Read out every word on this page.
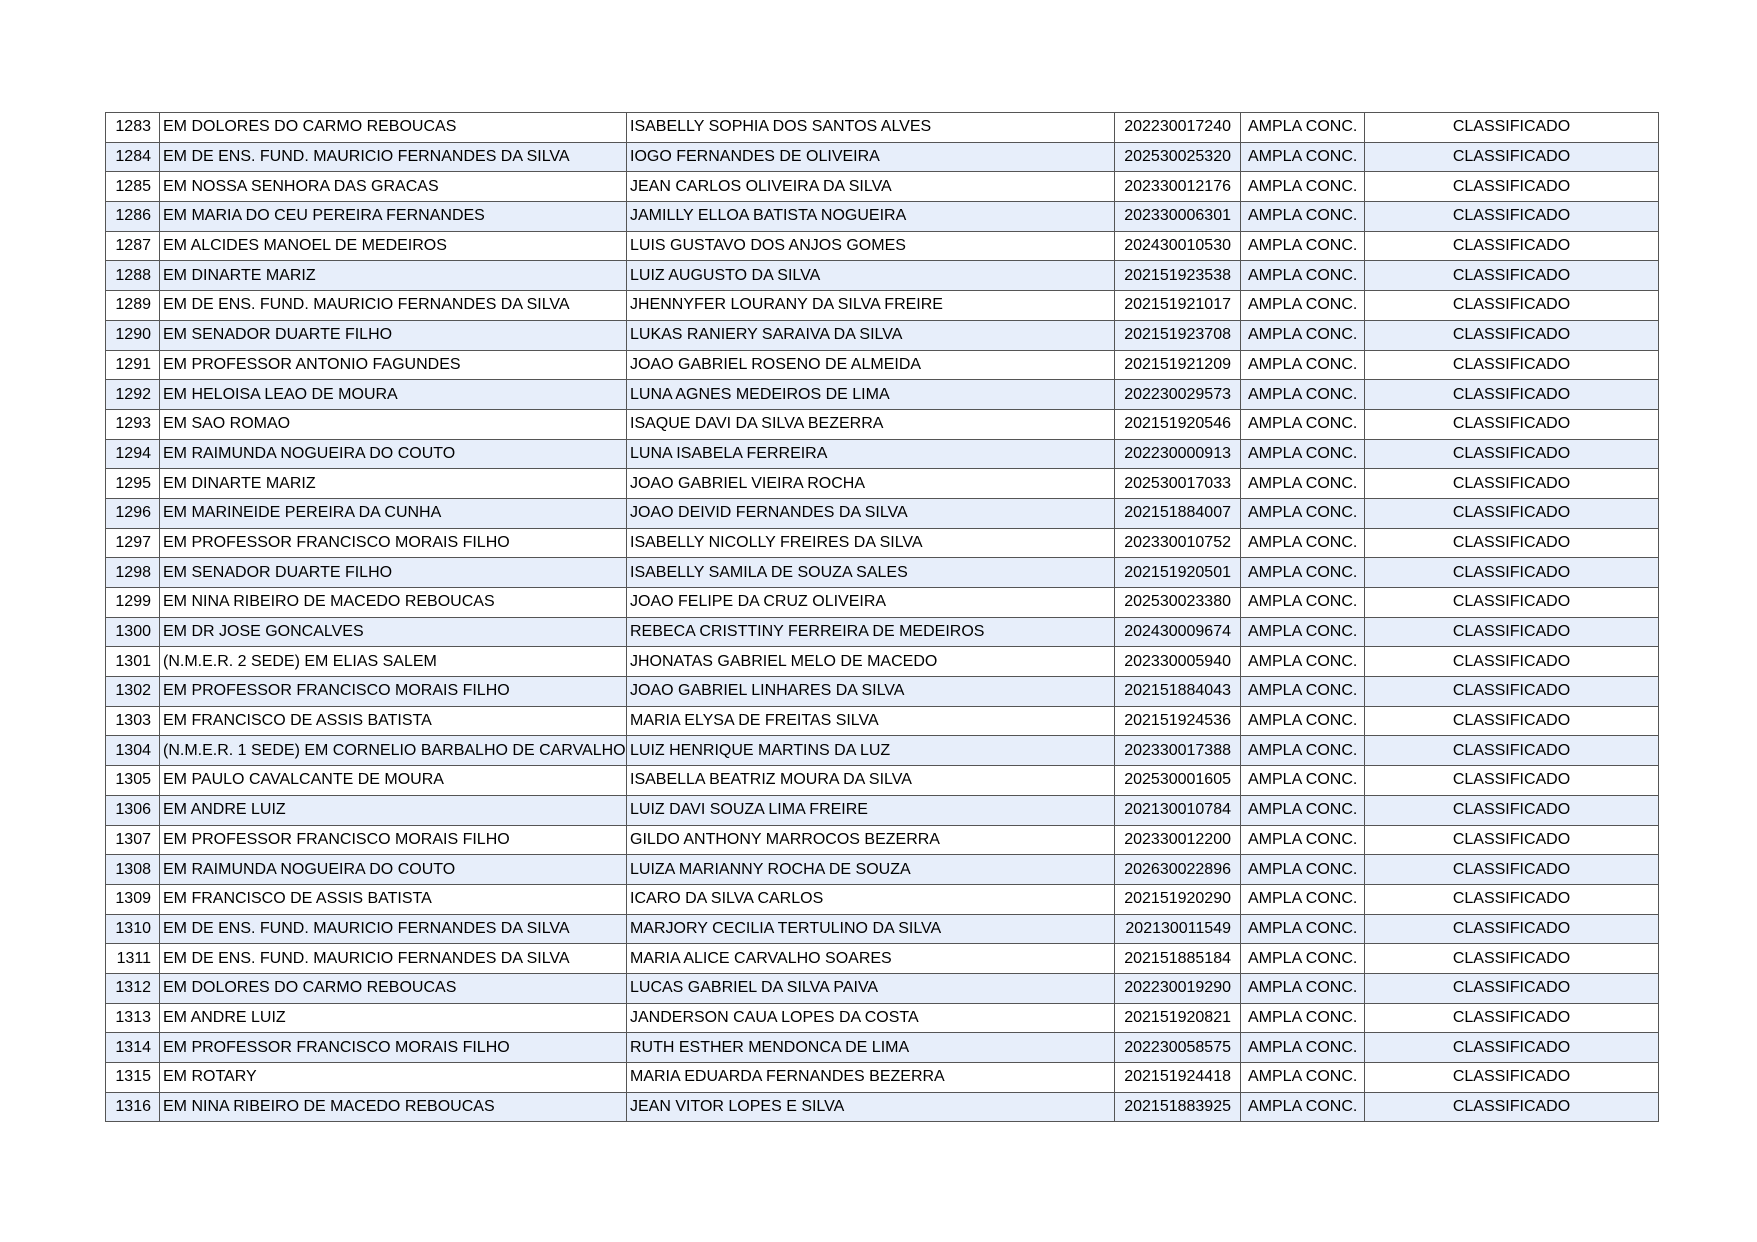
1283	EM DOLORES DO CARMO REBOUCAS	ISABELLY SOPHIA DOS SANTOS ALVES	202230017240	AMPLA CONC.	CLASSIFICADO
1284	EM DE ENS. FUND. MAURICIO FERNANDES DA SILVA	IOGO FERNANDES DE OLIVEIRA	202530025320	AMPLA CONC.	CLASSIFICADO
1285	EM NOSSA SENHORA DAS GRACAS	JEAN CARLOS OLIVEIRA DA SILVA	202330012176	AMPLA CONC.	CLASSIFICADO
1286	EM MARIA DO CEU PEREIRA FERNANDES	JAMILLY ELLOA BATISTA NOGUEIRA	202330006301	AMPLA CONC.	CLASSIFICADO
1287	EM ALCIDES MANOEL DE MEDEIROS	LUIS GUSTAVO DOS ANJOS GOMES	202430010530	AMPLA CONC.	CLASSIFICADO
1288	EM DINARTE MARIZ	LUIZ AUGUSTO DA SILVA	202151923538	AMPLA CONC.	CLASSIFICADO
1289	EM DE ENS. FUND. MAURICIO FERNANDES DA SILVA	JHENNYFER LOURANY DA SILVA FREIRE	202151921017	AMPLA CONC.	CLASSIFICADO
1290	EM SENADOR DUARTE FILHO	LUKAS RANIERY SARAIVA DA SILVA	202151923708	AMPLA CONC.	CLASSIFICADO
1291	EM PROFESSOR ANTONIO FAGUNDES	JOAO GABRIEL ROSENO DE ALMEIDA	202151921209	AMPLA CONC.	CLASSIFICADO
1292	EM HELOISA LEAO DE MOURA	LUNA AGNES MEDEIROS DE LIMA	202230029573	AMPLA CONC.	CLASSIFICADO
1293	EM SAO ROMAO	ISAQUE DAVI DA SILVA BEZERRA	202151920546	AMPLA CONC.	CLASSIFICADO
1294	EM RAIMUNDA NOGUEIRA DO COUTO	LUNA ISABELA FERREIRA	202230000913	AMPLA CONC.	CLASSIFICADO
1295	EM DINARTE MARIZ	JOAO GABRIEL VIEIRA ROCHA	202530017033	AMPLA CONC.	CLASSIFICADO
1296	EM MARINEIDE PEREIRA DA CUNHA	JOAO DEIVID FERNANDES DA SILVA	202151884007	AMPLA CONC.	CLASSIFICADO
1297	EM PROFESSOR FRANCISCO MORAIS FILHO	ISABELLY NICOLLY FREIRES DA SILVA	202330010752	AMPLA CONC.	CLASSIFICADO
1298	EM SENADOR DUARTE FILHO	ISABELLY SAMILA DE SOUZA SALES	202151920501	AMPLA CONC.	CLASSIFICADO
1299	EM NINA RIBEIRO DE MACEDO REBOUCAS	JOAO FELIPE DA CRUZ OLIVEIRA	202530023380	AMPLA CONC.	CLASSIFICADO
1300	EM DR JOSE GONCALVES	REBECA CRISTTINY FERREIRA DE MEDEIROS	202430009674	AMPLA CONC.	CLASSIFICADO
1301	(N.M.E.R. 2 SEDE) EM ELIAS SALEM	JHONATAS GABRIEL MELO DE MACEDO	202330005940	AMPLA CONC.	CLASSIFICADO
1302	EM PROFESSOR FRANCISCO MORAIS FILHO	JOAO GABRIEL LINHARES DA SILVA	202151884043	AMPLA CONC.	CLASSIFICADO
1303	EM FRANCISCO DE ASSIS BATISTA	MARIA ELYSA DE FREITAS SILVA	202151924536	AMPLA CONC.	CLASSIFICADO
1304	(N.M.E.R. 1 SEDE) EM CORNELIO BARBALHO DE CARVALHO	LUIZ HENRIQUE MARTINS DA LUZ	202330017388	AMPLA CONC.	CLASSIFICADO
1305	EM PAULO CAVALCANTE DE MOURA	ISABELLA BEATRIZ MOURA DA SILVA	202530001605	AMPLA CONC.	CLASSIFICADO
1306	EM ANDRE LUIZ	LUIZ DAVI SOUZA LIMA FREIRE	202130010784	AMPLA CONC.	CLASSIFICADO
1307	EM PROFESSOR FRANCISCO MORAIS FILHO	GILDO ANTHONY MARROCOS BEZERRA	202330012200	AMPLA CONC.	CLASSIFICADO
1308	EM RAIMUNDA NOGUEIRA DO COUTO	LUIZA MARIANNY ROCHA DE SOUZA	202630022896	AMPLA CONC.	CLASSIFICADO
1309	EM FRANCISCO DE ASSIS BATISTA	ICARO DA SILVA CARLOS	202151920290	AMPLA CONC.	CLASSIFICADO
1310	EM DE ENS. FUND. MAURICIO FERNANDES DA SILVA	MARJORY CECILIA TERTULINO DA SILVA	202130011549	AMPLA CONC.	CLASSIFICADO
1311	EM DE ENS. FUND. MAURICIO FERNANDES DA SILVA	MARIA ALICE CARVALHO SOARES	202151885184	AMPLA CONC.	CLASSIFICADO
1312	EM DOLORES DO CARMO REBOUCAS	LUCAS GABRIEL DA SILVA PAIVA	202230019290	AMPLA CONC.	CLASSIFICADO
1313	EM ANDRE LUIZ	JANDERSON CAUA LOPES DA COSTA	202151920821	AMPLA CONC.	CLASSIFICADO
1314	EM PROFESSOR FRANCISCO MORAIS FILHO	RUTH ESTHER MENDONCA DE LIMA	202230058575	AMPLA CONC.	CLASSIFICADO
1315	EM ROTARY	MARIA EDUARDA FERNANDES BEZERRA	202151924418	AMPLA CONC.	CLASSIFICADO
1316	EM NINA RIBEIRO DE MACEDO REBOUCAS	JEAN VITOR LOPES E SILVA	202151883925	AMPLA CONC.	CLASSIFICADO
